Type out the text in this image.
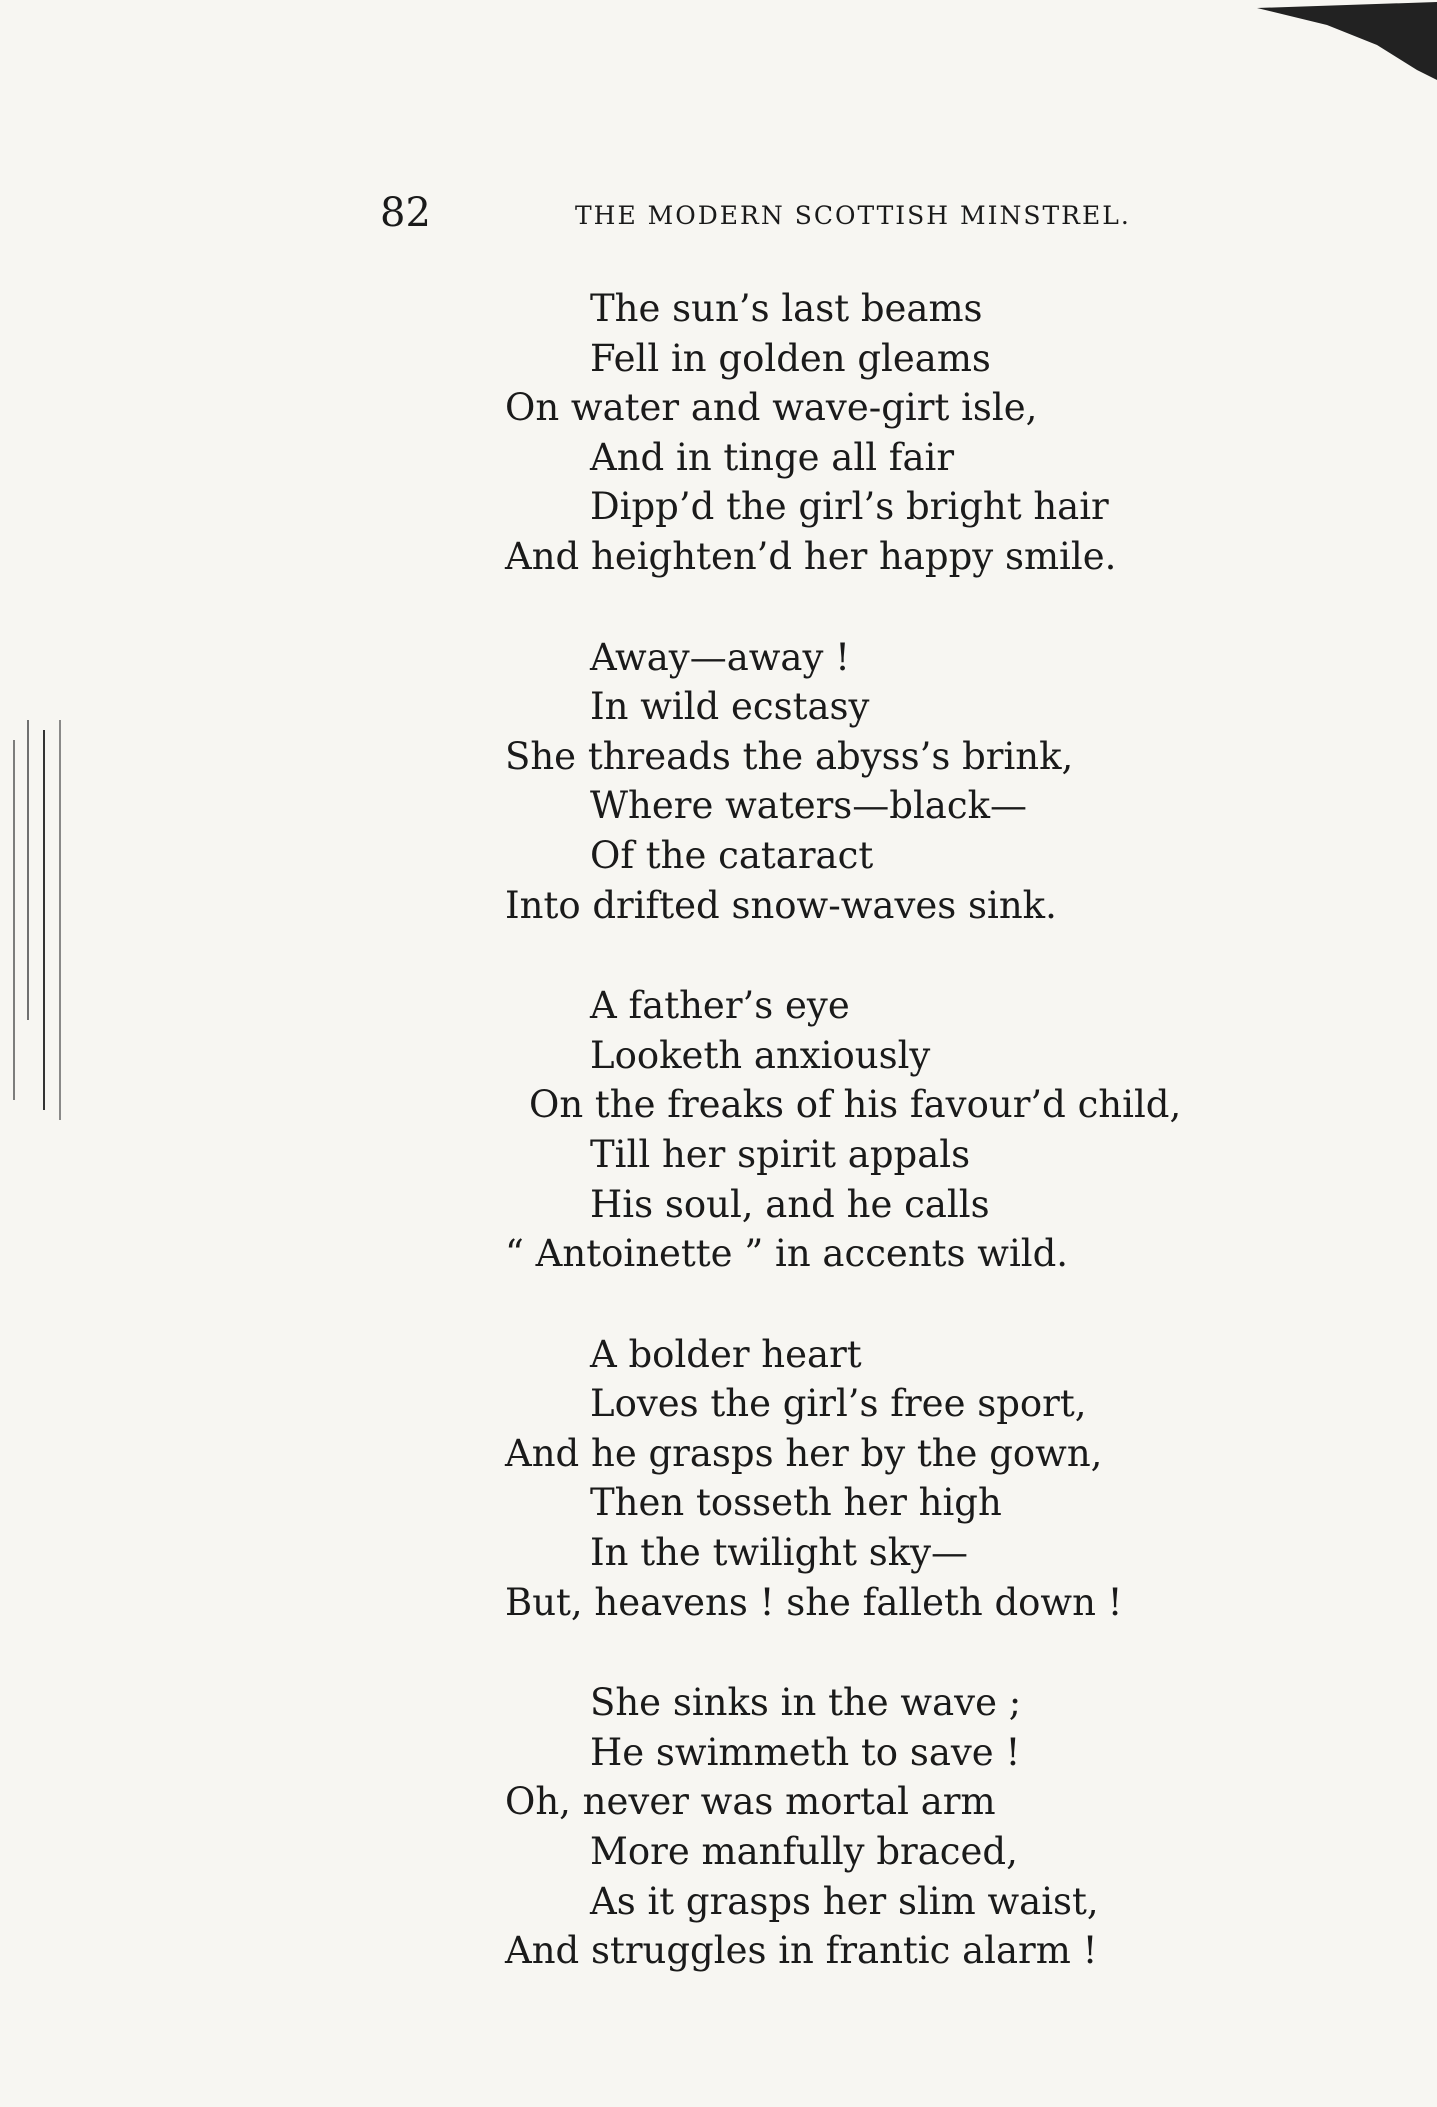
82	THE MODERN SCOTTISH MINSTREL.
The sun’s last beams
Fell in golden gleams
On water and wave-girt isle,
And in tinge all fair
Dipp’d the girl’s bright hair
And heighten’d her happy smile.
Away—away !
In wild ecstasy
She threads the abyss’s brink,
Where waters—black—
Of the cataract
Into drifted snow-waves sink.
A father’s eye
Looketh anxiously
On the freaks of his favour’d child,
Till her spirit appals
His soul, and he calls
“ Antoinette ” in accents wild.
A bolder heart
Loves the girl’s free sport,
And he grasps her by the gown,
Then tosseth her high
In the twilight sky—
But, heavens ! she falleth down !
She sinks in the wave ;
He swimmeth to save !
Oh, never was mortal arm
More manfully braced,
As it grasps her slim waist,
And struggles in frantic alarm !
